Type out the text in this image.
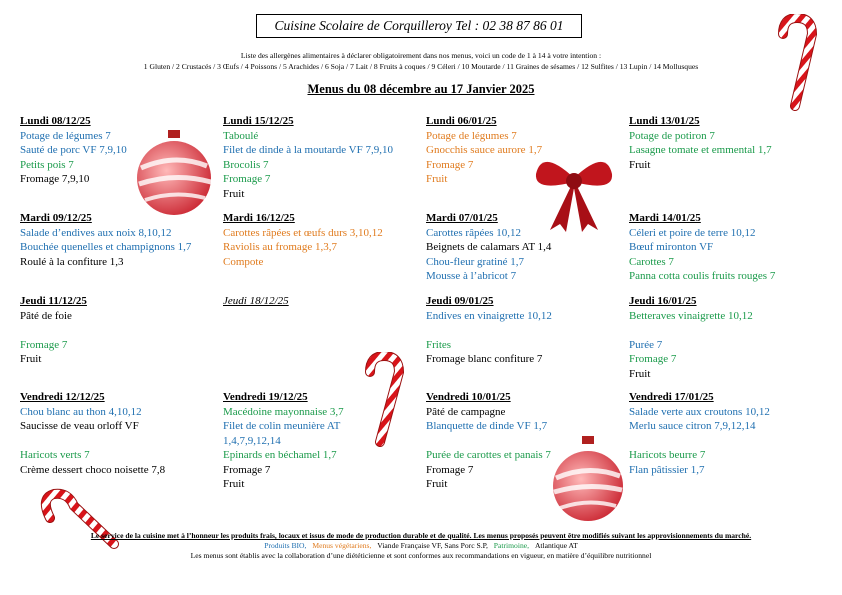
Cuisine Scolaire de Corquilleroy Tel : 02 38 87 86 01
Liste des allergènes alimentaires à déclarer obligatoirement dans nos menus, voici un code de 1 à 14 à votre intention :
1 Gluten / 2 Crustacés / 3 Œufs / 4 Poissons / 5 Arachides / 6 Soja / 7 Lait / 8 Fruits à coques / 9 Céleri / 10 Moutarde / 11 Graines de sésames / 12 Sulfites / 13 Lupin / 14 Mollusques
Menus du 08 décembre au 17 Janvier 2025
Lundi 08/12/25
Potage de légumes 7
Sauté de porc VF 7,9,10
Petits pois 7
Fromage 7,9,10
Mardi 09/12/25
Salade d’endives aux noix 8,10,12
Bouchée quenelles et champignons 1,7
Roulé à la confiture 1,3
Jeudi 11/12/25
Pâté de foie

Fromage 7
Fruit
Vendredi 12/12/25
Chou blanc au thon 4,10,12
Saucisse de veau orloff VF

Haricots verts 7
Crème dessert choco noisette 7,8
Lundi 15/12/25
Taboulé
Filet de dinde à la moutarde VF 7,9,10
Brocolis 7
Fromage 7
Fruit
Mardi 16/12/25
Carottes râpées et œufs durs 3,10,12
Raviolis au fromage 1,3,7
Compote
Jeudi 18/12/25
Vendredi 19/12/25
Macédoine mayonnaise 3,7
Filet de colin meunière AT
1,4,7,9,12,14
Epinards en béchamel 1,7
Fromage 7
Fruit
Lundi 06/01/25
Potage de légumes 7
Gnocchis sauce aurore 1,7
Fromage 7
Fruit
Mardi 07/01/25
Carottes râpées 10,12
Beignets de calamars AT 1,4
Chou-fleur gratiné 1,7
Mousse à l’abricot 7
Jeudi 09/01/25
Endives en vinaigrette 10,12

Frites
Fromage blanc confiture 7
Vendredi 10/01/25
Pâté de campagne
Blanquette de dinde VF 1,7

Purée de carottes et panais 7
Fromage 7
Fruit
Lundi 13/01/25
Potage de potiron 7
Lasagne tomate et emmental 1,7
Fruit
Mardi 14/01/25
Céleri et poire de terre 10,12
Bœuf mironton VF
Carottes 7
Panna cotta coulis fruits rouges 7
Jeudi 16/01/25
Betteraves vinaigrette 10,12

Purée 7
Fromage 7
Fruit
Vendredi 17/01/25
Salade verte aux croutons 10,12
Merlu sauce citron 7,9,12,14

Haricots beurre 7
Flan pâtissier 1,7
Le service de la cuisine met à l’honneur les produits frais, locaux et issus de mode de production durable et de qualité. Les menus proposés peuvent être modifiés suivant les approvisionnements du marché.
Produits BIO, Menus végétariens, Viande Française VF, Sans Porc S.P, Patrimoine, Atlantique AT
Les menus sont établis avec la collaboration d’une diététicienne et sont conformes aux recommandations en vigueur, en matière d’équilibre nutritionnel
